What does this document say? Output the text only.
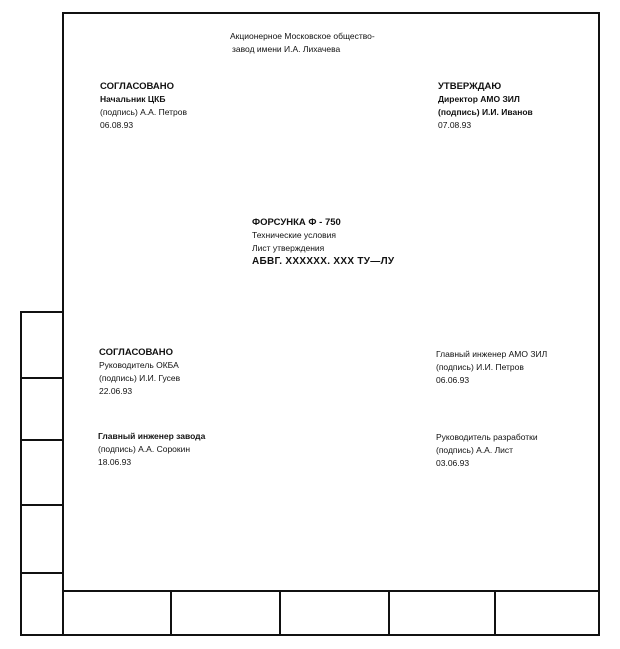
Акционерное Московское общество-
завод имени И.А. Лихачева
СОГЛАСОВАНО
Начальник ЦКБ
(подпись) А.А. Петров
06.08.93
УТВЕРЖДАЮ
Директор АМО ЗИЛ
(подпись) И.И. Иванов
07.08.93
ФОРСУНКА Ф - 750
Технические условия
Лист утверждения
АБВГ. XXXXXX. XXX ТУ—ЛУ
СОГЛАСОВАНО
Руководитель ОКБА
(подпись) И.И. Гусев
22.06.93
Главный инженер АМО ЗИЛ
(подпись) И.И. Петров
06.06.93
Главный инженер завода
(подпись) А.А. Сорокин
18.06.93
Руководитель разработки
(подпись) А.А. Лист
03.06.93
